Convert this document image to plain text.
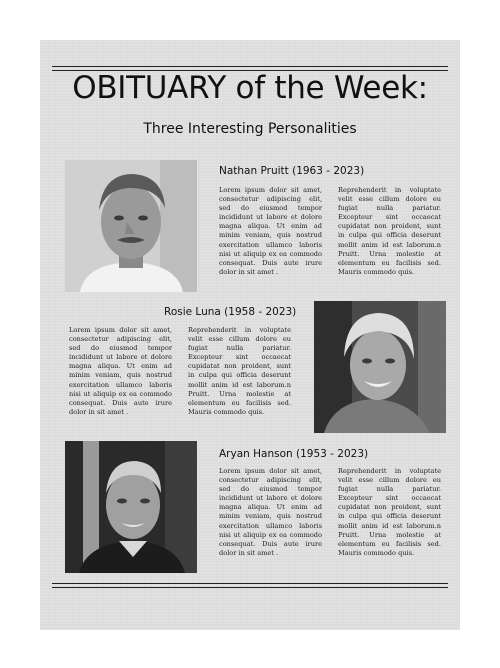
OBITUARY of the Week:
Three Interesting Personalities
Nathan Pruitt (1963 - 2023)
Lorem ipsum dolor sit amet, consectetur adipiscing elit, sed do eiusmod tempor incididunt ut labore et dolore magna aliqua. Ut enim ad minim veniam, quis nostrud exercitation ullamco laboris nisi ut aliquip ex ea commodo consequat. Duis aute irure dolor in sit amet .
Reprehenderit in voluptate velit esse cillum dolore eu fugiat nulla pariatur. Excepteur sint occaecat cupidatat non proident, sunt in culpa qui officia deserunt mollit anim id est laborum.n Pruitt. Urna molestie at elementum eu facilisis sed. Mauris commodo quis.
Rosie Luna (1958 - 2023)
Lorem ipsum dolor sit amet, consectetur adipiscing elit, sed do eiusmod tempor incididunt ut labore et dolore magna aliqua. Ut enim ad minim veniam, quis nostrud exercitation ullamco laboris nisi ut aliquip ex ea commodo consequat. Duis aute irure dolor in sit amet .
Reprehenderit in voluptate velit esse cillum dolore eu fugiat nulla pariatur. Excepteur sint occaecat cupidatat non proident, sunt in culpa qui officia deserunt mollit anim id est laborum.n Pruitt. Urna molestie at elementum eu facilisis sed. Mauris commodo quis.
Aryan Hanson (1953 - 2023)
Lorem ipsum dolor sit amet, consectetur adipiscing elit, sed do eiusmod tempor incididunt ut labore et dolore magna aliqua. Ut enim ad minim veniam, quis nostrud exercitation ullamco laboris nisi ut aliquip ex ea commodo consequat. Duis aute irure dolor in sit amet .
Reprehenderit in voluptate velit esse cillum dolore eu fugiat nulla pariatur. Excepteur sint occaecat cupidatat non proident, sunt in culpa qui officia deserunt mollit anim id est laborum.n Pruitt. Urna molestie at elementum eu facilisis sed. Mauris commodo quis.
